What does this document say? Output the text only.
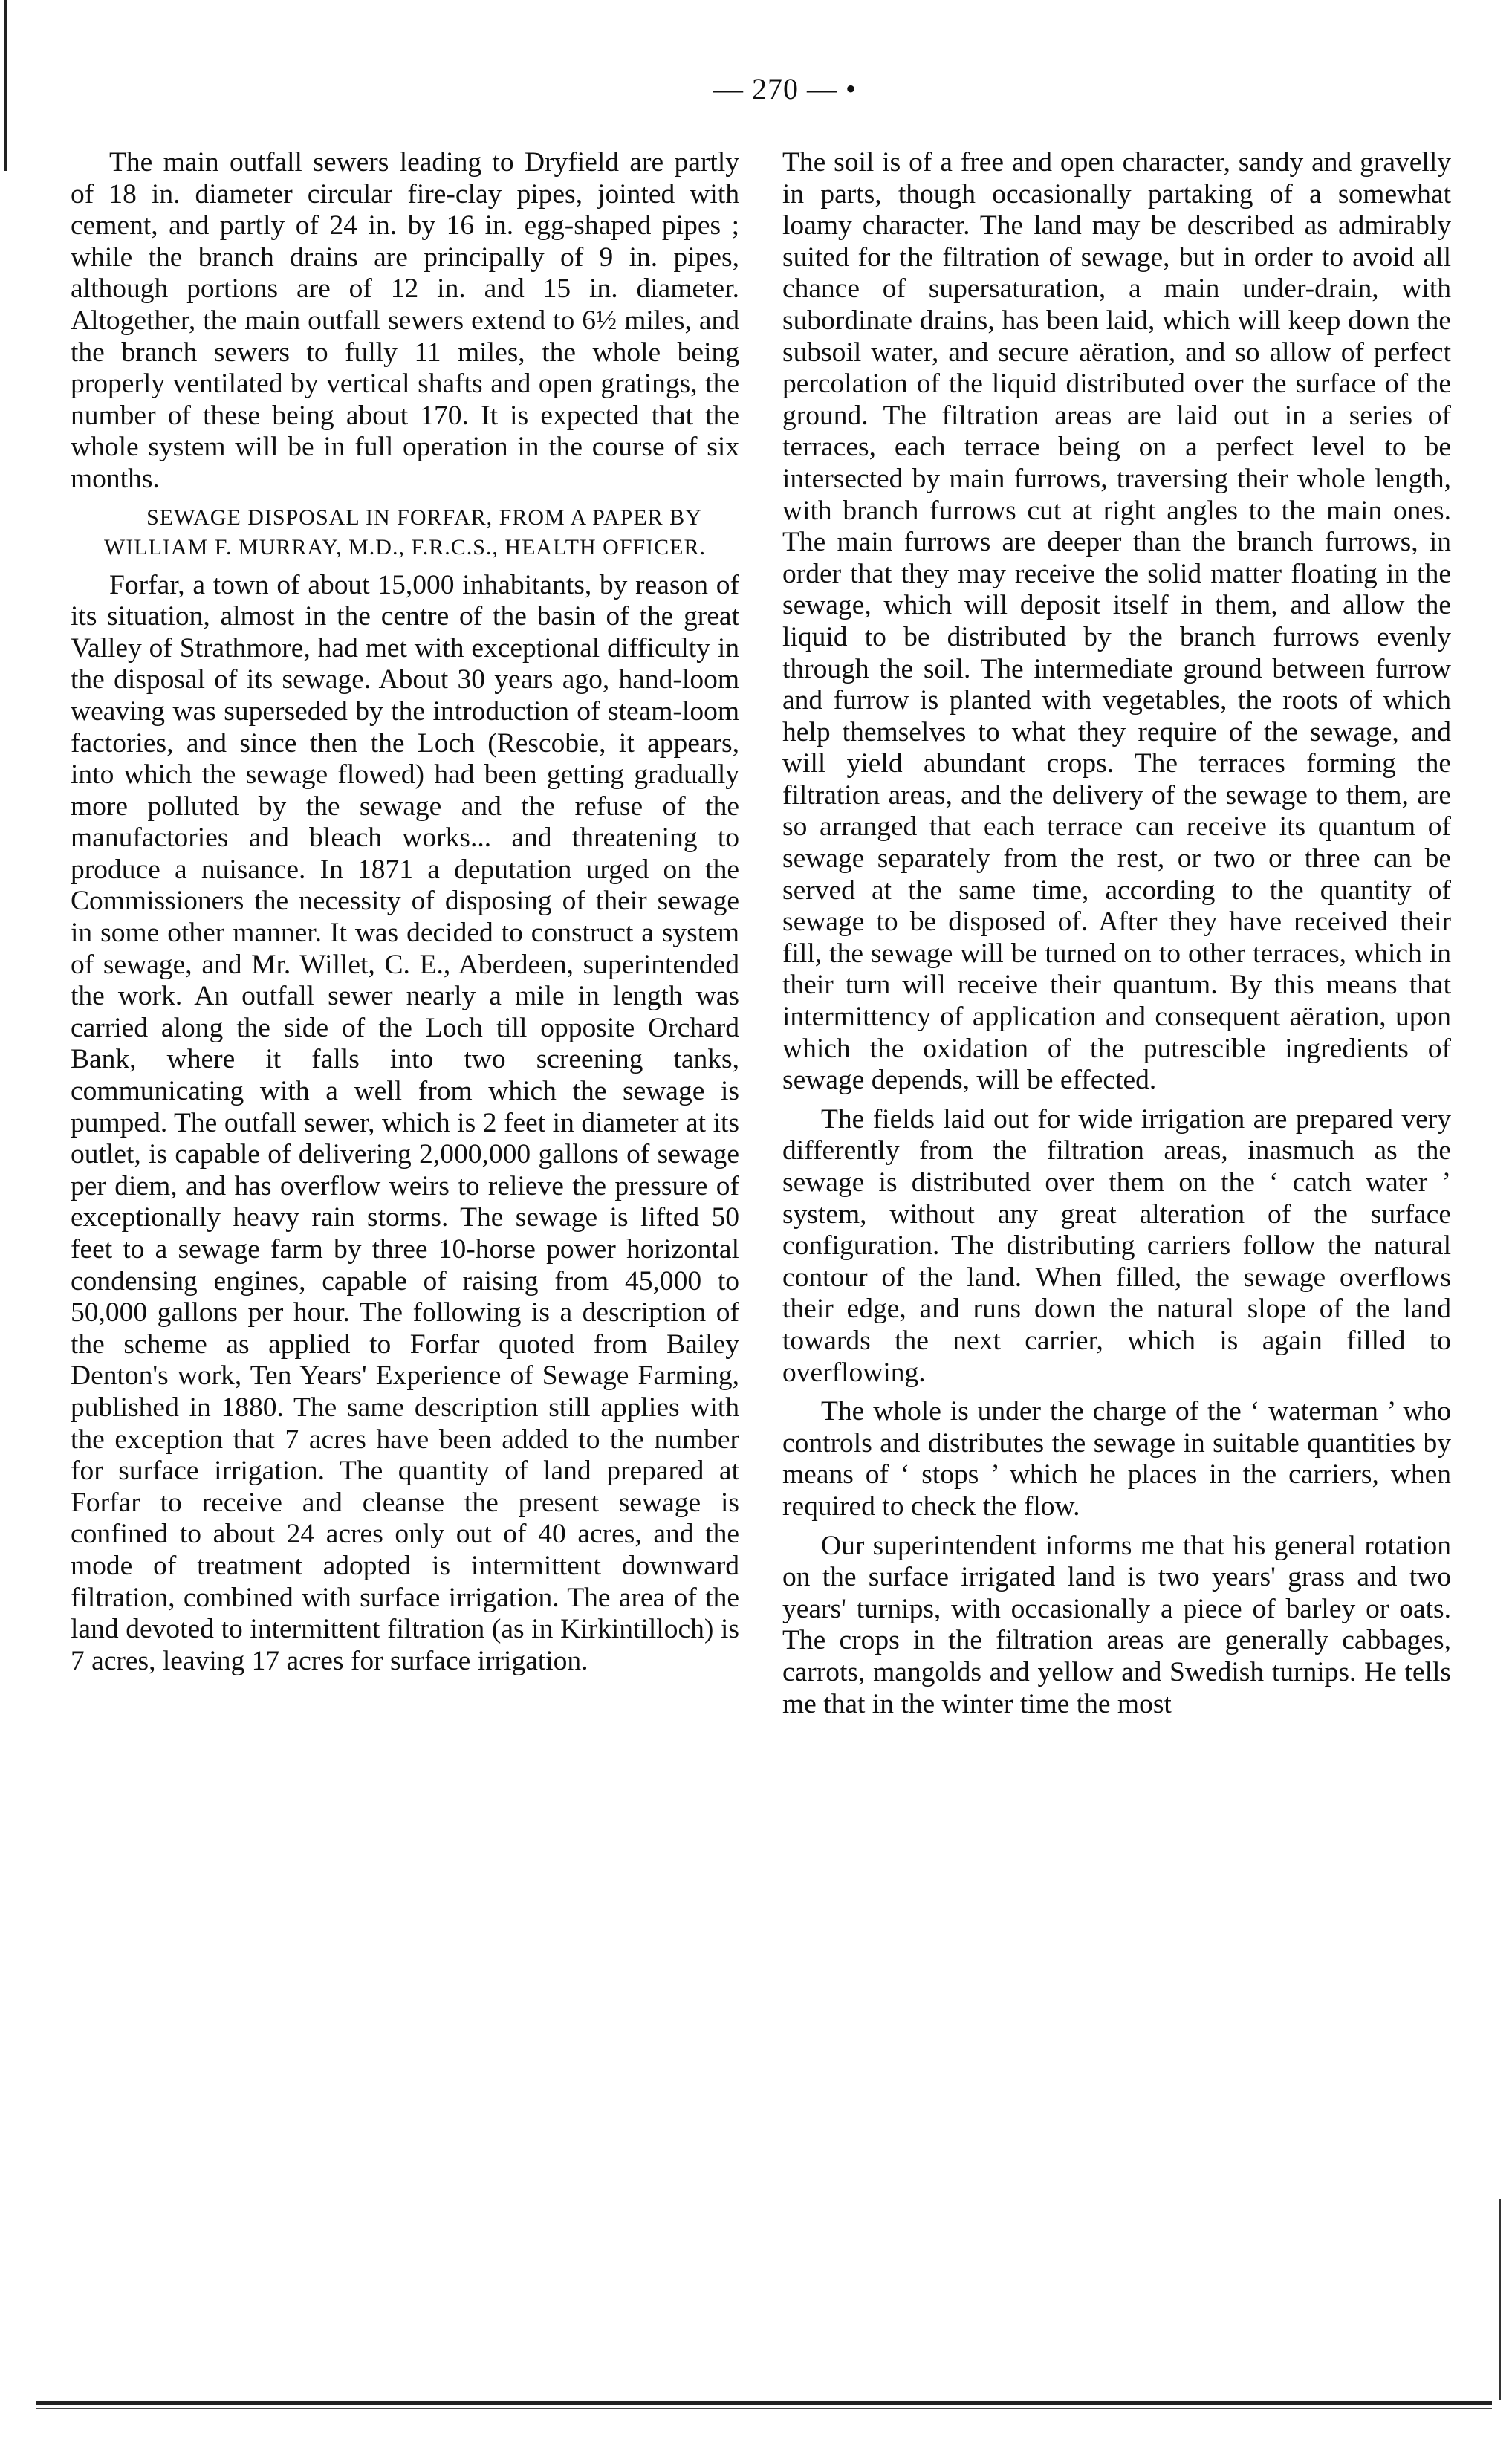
— 270 — •

The main outfall sewers leading to Dryfield are partly of 18 in. diameter circular fire-clay pipes, jointed with cement, and partly of 24 in. by 16 in. egg-shaped pipes ; while the branch drains are principally of 9 in. pipes, although portions are of 12 in. and 15 in. diameter. Altogether, the main outfall sewers extend to 6½ miles, and the branch sewers to fully 11 miles, the whole being properly ventilated by vertical shafts and open gratings, the number of these being about 170. It is expected that the whole system will be in full operation in the course of six months.

SEWAGE DISPOSAL IN FORFAR, FROM A PAPER BY WILLIAM F. MURRAY, M.D., F.R.C.S., HEALTH OFFICER.

Forfar, a town of about 15,000 inhabitants, by reason of its situation, almost in the centre of the basin of the great Valley of Strathmore, had met with exceptional difficulty in the disposal of its sewage. About 30 years ago, hand-loom weaving was superseded by the introduction of steam-loom factories, and since then the Loch (Rescobie, it appears, into which the sewage flowed) had been getting gradually more polluted by the sewage and the refuse of the manufactories and bleach works... and threatening to produce a nuisance. In 1871 a deputation urged on the Commissioners the necessity of disposing of their sewage in some other manner. It was decided to construct a system of sewage, and Mr. Willet, C. E., Aberdeen, superintended the work. An outfall sewer nearly a mile in length was carried along the side of the Loch till opposite Orchard Bank, where it falls into two screening tanks, communicating with a well from which the sewage is pumped. The outfall sewer, which is 2 feet in diameter at its outlet, is capable of delivering 2,000,000 gallons of sewage per diem, and has overflow weirs to relieve the pressure of exceptionally heavy rain storms. The sewage is lifted 50 feet to a sewage farm by three 10-horse power horizontal condensing engines, capable of raising from 45,000 to 50,000 gallons per hour. The following is a description of the scheme as applied to Forfar quoted from Bailey Denton's work, Ten Years' Experience of Sewage Farming, published in 1880. The same description still applies with the exception that 7 acres have been added to the number for surface irrigation. The quantity of land prepared at Forfar to receive and cleanse the present sewage is confined to about 24 acres only out of 40 acres, and the mode of treatment adopted is intermittent downward filtration, combined with surface irrigation. The area of the land devoted to intermittent filtration (as in Kirkintilloch) is 7 acres, leaving 17 acres for surface irrigation.

The soil is of a free and open character, sandy and gravelly in parts, though occasionally partaking of a somewhat loamy character. The land may be described as admirably suited for the filtration of sewage, but in order to avoid all chance of supersaturation, a main under-drain, with subordinate drains, has been laid, which will keep down the subsoil water, and secure aëration, and so allow of perfect percolation of the liquid distributed over the surface of the ground. The filtration areas are laid out in a series of terraces, each terrace being on a perfect level to be intersected by main furrows, traversing their whole length, with branch furrows cut at right angles to the main ones. The main furrows are deeper than the branch furrows, in order that they may receive the solid matter floating in the sewage, which will deposit itself in them, and allow the liquid to be distributed by the branch furrows evenly through the soil. The intermediate ground between furrow and furrow is planted with vegetables, the roots of which help themselves to what they require of the sewage, and will yield abundant crops. The terraces forming the filtration areas, and the delivery of the sewage to them, are so arranged that each terrace can receive its quantum of sewage separately from the rest, or two or three can be served at the same time, according to the quantity of sewage to be disposed of. After they have received their fill, the sewage will be turned on to other terraces, which in their turn will receive their quantum. By this means that intermittency of application and consequent aëration, upon which the oxidation of the putrescible ingredients of sewage depends, will be effected.

The fields laid out for wide irrigation are prepared very differently from the filtration areas, inasmuch as the sewage is distributed over them on the ‘ catch water ’ system, without any great alteration of the surface configuration. The distributing carriers follow the natural contour of the land. When filled, the sewage overflows their edge, and runs down the natural slope of the land towards the next carrier, which is again filled to overflowing.

The whole is under the charge of the ‘ waterman ’ who controls and distributes the sewage in suitable quantities by means of ‘ stops ’ which he places in the carriers, when required to check the flow.

Our superintendent informs me that his general rotation on the surface irrigated land is two years' grass and two years' turnips, with occasionally a piece of barley or oats. The crops in the filtration areas are generally cabbages, carrots, mangolds and yellow and Swedish turnips. He tells me that in the winter time the most
